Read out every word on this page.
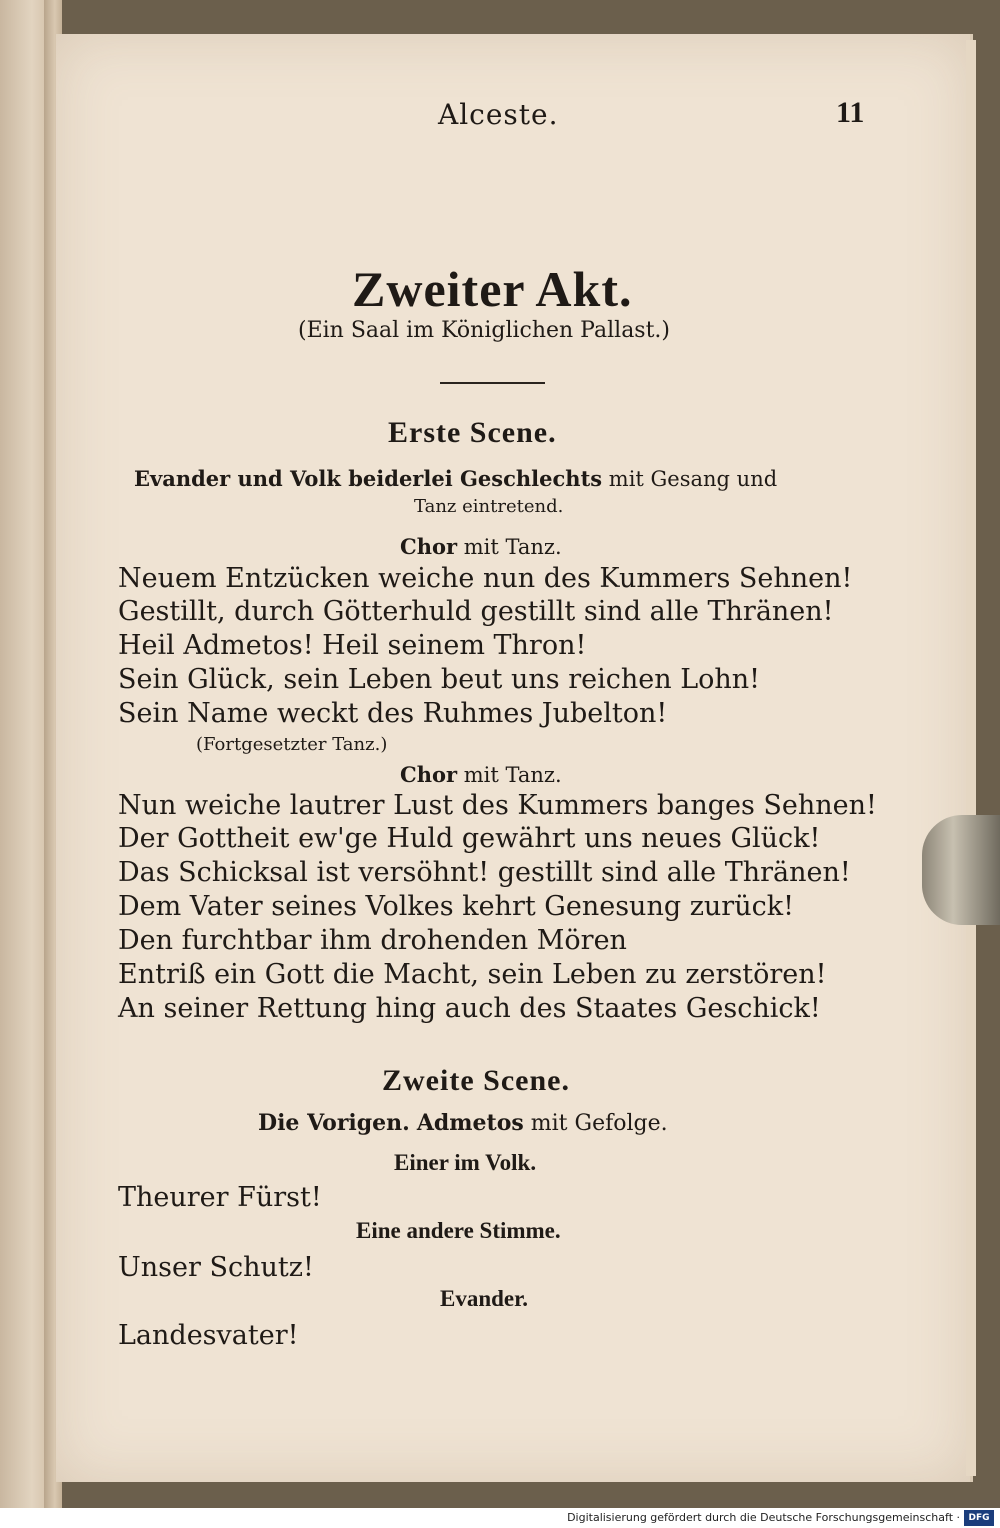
Alceste.	11

Zweiter Akt.

(Ein Saal im Königlichen Pallast.)

Erste Scene.

Evander und Volk beiderlei Geschlechts mit Gesang und

Tanz eintretend.

Chor mit Tanz.

Neuem Entzücken weiche nun des Kummers Sehnen!

Gestillt, durch Götterhuld gestillt sind alle Thränen!

Heil Admetos! Heil seinem Thron!

Sein Glück, sein Leben beut uns reichen Lohn!

Sein Name weckt des Ruhmes Jubelton!

(Fortgesetzter Tanz.)

Chor mit Tanz.

Nun weiche lautrer Lust des Kummers banges Sehnen!

Der Gottheit ew'ge Huld gewährt uns neues Glück!

Das Schicksal ist versöhnt! gestillt sind alle Thränen!

Dem Vater seines Volkes kehrt Genesung zurück!

Den furchtbar ihm drohenden Mören

Entriß ein Gott die Macht, sein Leben zu zerstören!

An seiner Rettung hing auch des Staates Geschick!

Zweite Scene.

Die Vorigen. Admetos mit Gefolge.

Einer im Volk.

Theurer Fürst!

Eine andere Stimme.

Unser Schutz!

Evander.

Landesvater!

Digitalisierung gefördert durch die Deutsche Forschungsgemeinschaft · DFG
